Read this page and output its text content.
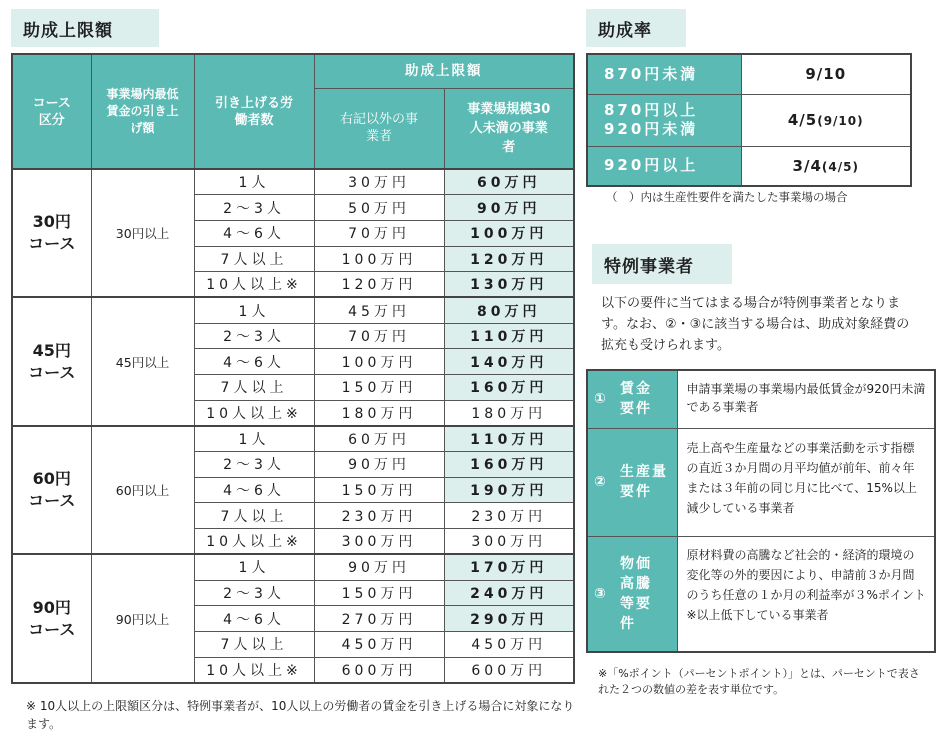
助成上限額
コース区分	事業場内最低賃金の引き上げ額	引き上げる労働者数	助成上限額	
			右記以外の事業者	事業場規模30人未満の事業者
30円コース	30円以上	1人	30万円	60万円
		2～3人	50万円	90万円
		4～6人	70万円	100万円
		7人以上	100万円	120万円
		10人以上※	120万円	130万円
45円コース	45円以上	1人	45万円	80万円
		2～3人	70万円	110万円
		4～6人	100万円	140万円
		7人以上	150万円	160万円
		10人以上※	180万円	180万円
60円コース	60円以上	1人	60万円	110万円
		2～3人	90万円	160万円
		4～6人	150万円	190万円
		7人以上	230万円	230万円
		10人以上※	300万円	300万円
90円コース	90円以上	1人	90万円	170万円
		2～3人	150万円	240万円
		4～6人	270万円	290万円
		7人以上	450万円	450万円
		10人以上※	600万円	600万円
※ 10人以上の上限額区分は、特例事業者が、10人以上の労働者の賃金を引き上げる場合に対象になります。
助成率
870円未満	9/10

870円以上
920円未満	4/5(9/10)
920円以上	3/4(4/5)
（　）内は生産性要件を満たした事業場の場合
特例事業者
以下の要件に当てはまる場合が特例事業者となります。なお、②・③に該当する場合は、助成対象経費の拡充も受けられます。
①
賃金要件	申請事業場の事業場内最低賃金が920円未満である事業者

②
生産量要件	売上高や生産量などの事業活動を示す指標の直近３か月間の月平均値が前年、前々年または３年前の同じ月に比べて、15%以上減少している事業者

③
物価高騰等要件	原材料費の高騰など社会的・経済的環境の変化等の外的要因により、申請前３か月間のうち任意の１か月の利益率が３%ポイント※以上低下している事業者
※「%ポイント（パーセントポイント）」とは、パーセントで表された２つの数値の差を表す単位です。
